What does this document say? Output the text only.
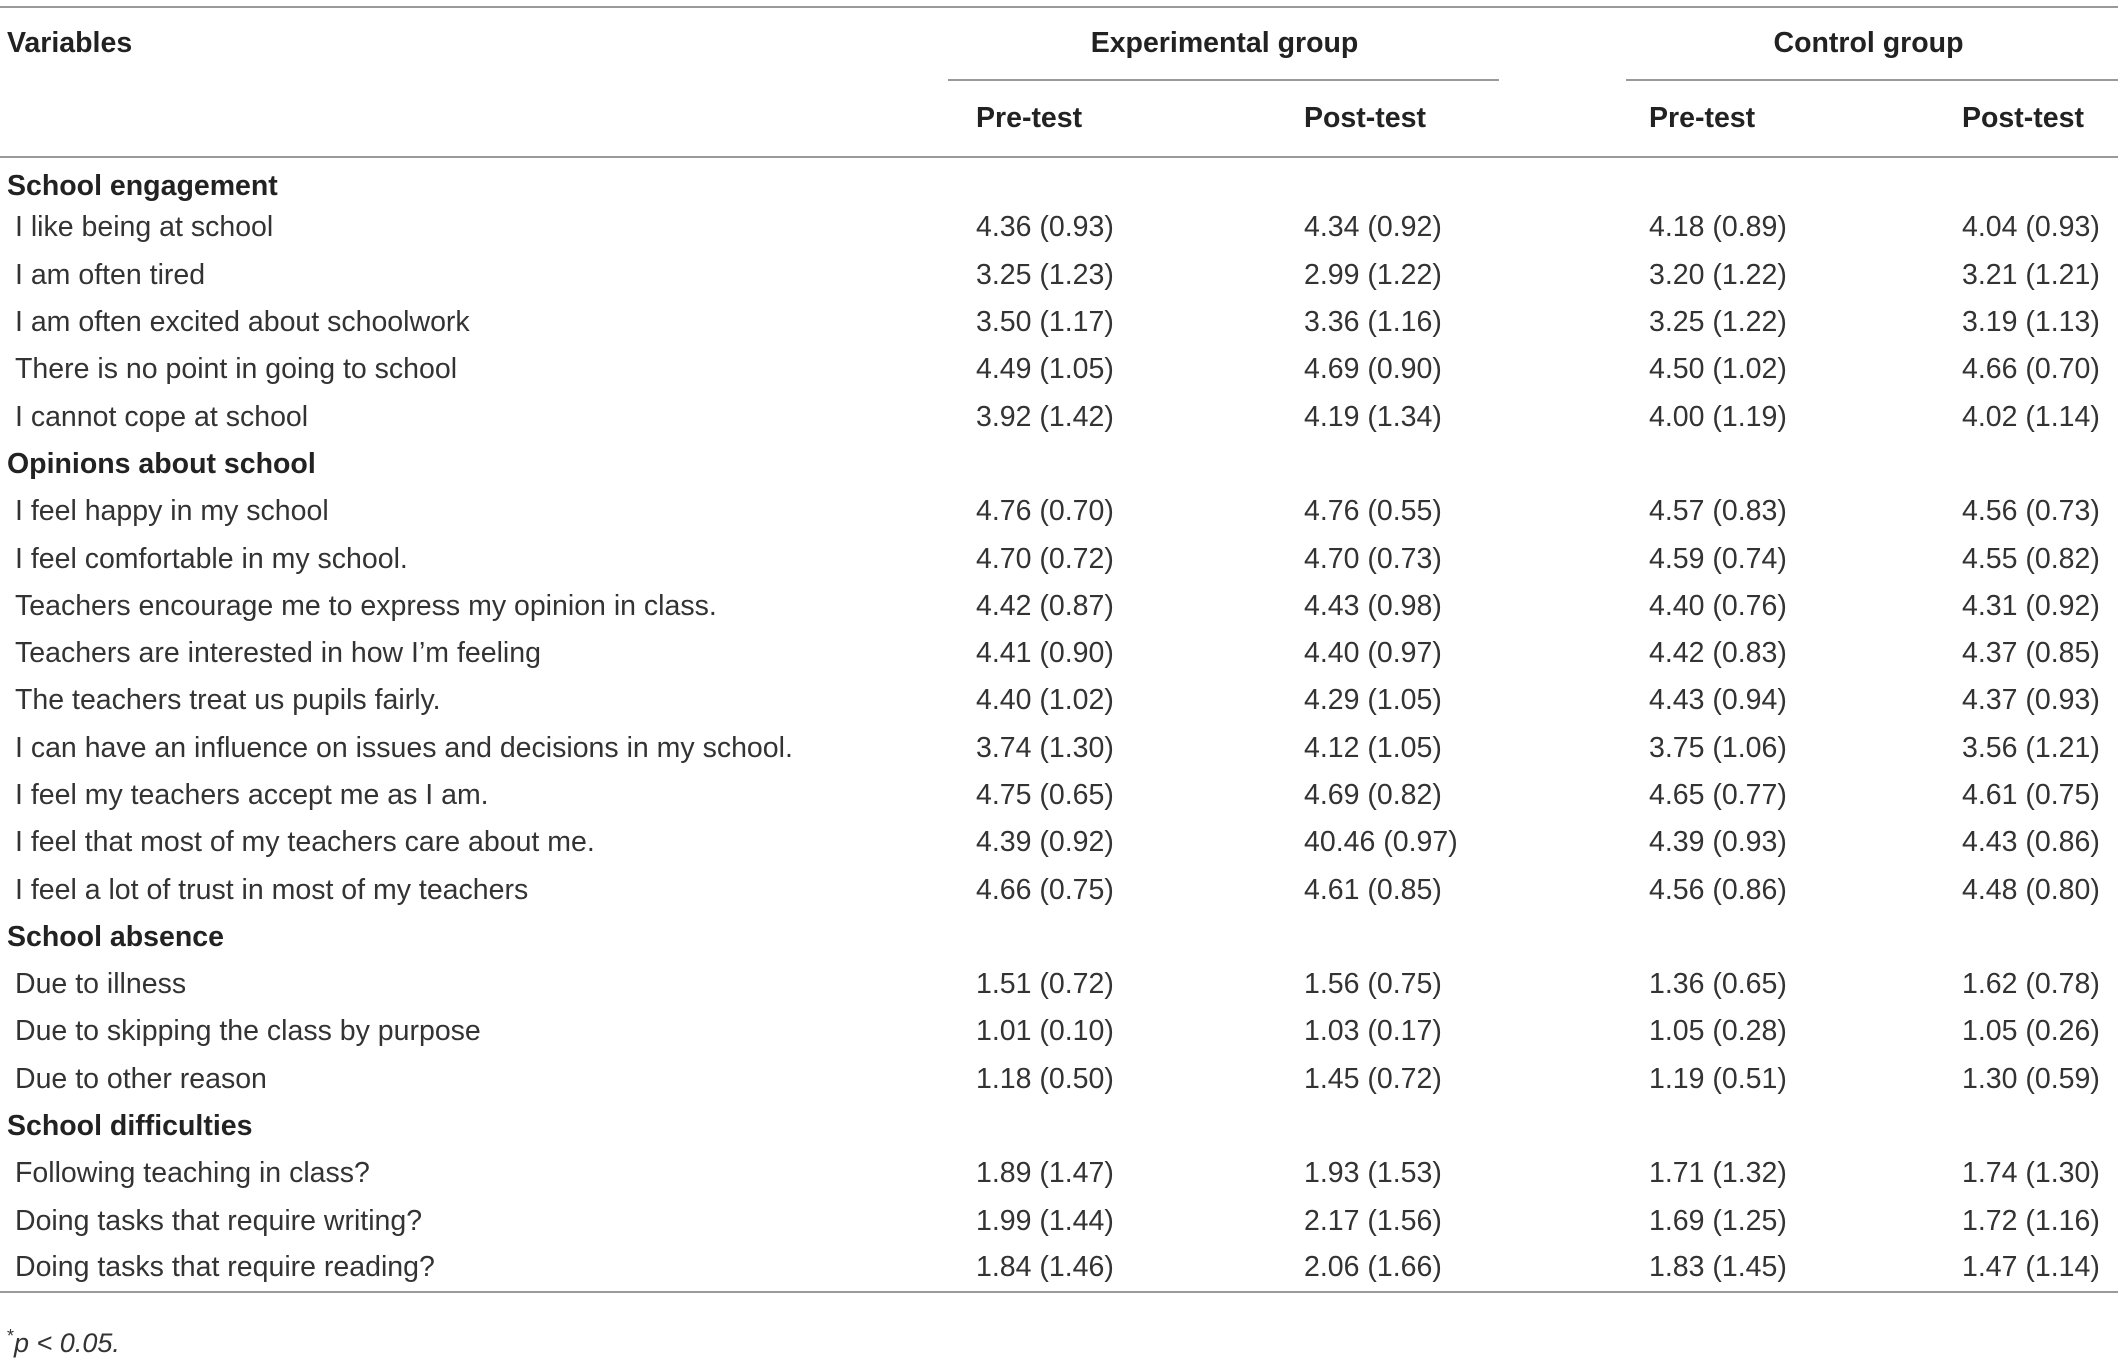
Variables	Experimental group		Control group	

	Pre-test	Post-test	Pre-test	Post-test
School engagement				
I like being at school	4.36 (0.93)	4.34 (0.92)	4.18 (0.89)	4.04 (0.93)
I am often tired	3.25 (1.23)	2.99 (1.22)	3.20 (1.22)	3.21 (1.21)
I am often excited about schoolwork	3.50 (1.17)	3.36 (1.16)	3.25 (1.22)	3.19 (1.13)
There is no point in going to school	4.49 (1.05)	4.69 (0.90)	4.50 (1.02)	4.66 (0.70)
I cannot cope at school	3.92 (1.42)	4.19 (1.34)	4.00 (1.19)	4.02 (1.14)
Opinions about school				
I feel happy in my school	4.76 (0.70)	4.76 (0.55)	4.57 (0.83)	4.56 (0.73)
I feel comfortable in my school.	4.70 (0.72)	4.70 (0.73)	4.59 (0.74)	4.55 (0.82)
Teachers encourage me to express my opinion in class.	4.42 (0.87)	4.43 (0.98)	4.40 (0.76)	4.31 (0.92)
Teachers are interested in how I’m feeling	4.41 (0.90)	4.40 (0.97)	4.42 (0.83)	4.37 (0.85)
The teachers treat us pupils fairly.	4.40 (1.02)	4.29 (1.05)	4.43 (0.94)	4.37 (0.93)
I can have an influence on issues and decisions in my school.	3.74 (1.30)	4.12 (1.05)	3.75 (1.06)	3.56 (1.21)
I feel my teachers accept me as I am.	4.75 (0.65)	4.69 (0.82)	4.65 (0.77)	4.61 (0.75)
I feel that most of my teachers care about me.	4.39 (0.92)	40.46 (0.97)	4.39 (0.93)	4.43 (0.86)
I feel a lot of trust in most of my teachers	4.66 (0.75)	4.61 (0.85)	4.56 (0.86)	4.48 (0.80)
School absence				
Due to illness	1.51 (0.72)	1.56 (0.75)	1.36 (0.65)	1.62 (0.78)
Due to skipping the class by purpose	1.01 (0.10)	1.03 (0.17)	1.05 (0.28)	1.05 (0.26)
Due to other reason	1.18 (0.50)	1.45 (0.72)	1.19 (0.51)	1.30 (0.59)
School difficulties				
Following teaching in class?	1.89 (1.47)	1.93 (1.53)	1.71 (1.32)	1.74 (1.30)
Doing tasks that require writing?	1.99 (1.44)	2.17 (1.56)	1.69 (1.25)	1.72 (1.16)
Doing tasks that require reading?	1.84 (1.46)	2.06 (1.66)	1.83 (1.45)	1.47 (1.14)
*p < 0.05.
